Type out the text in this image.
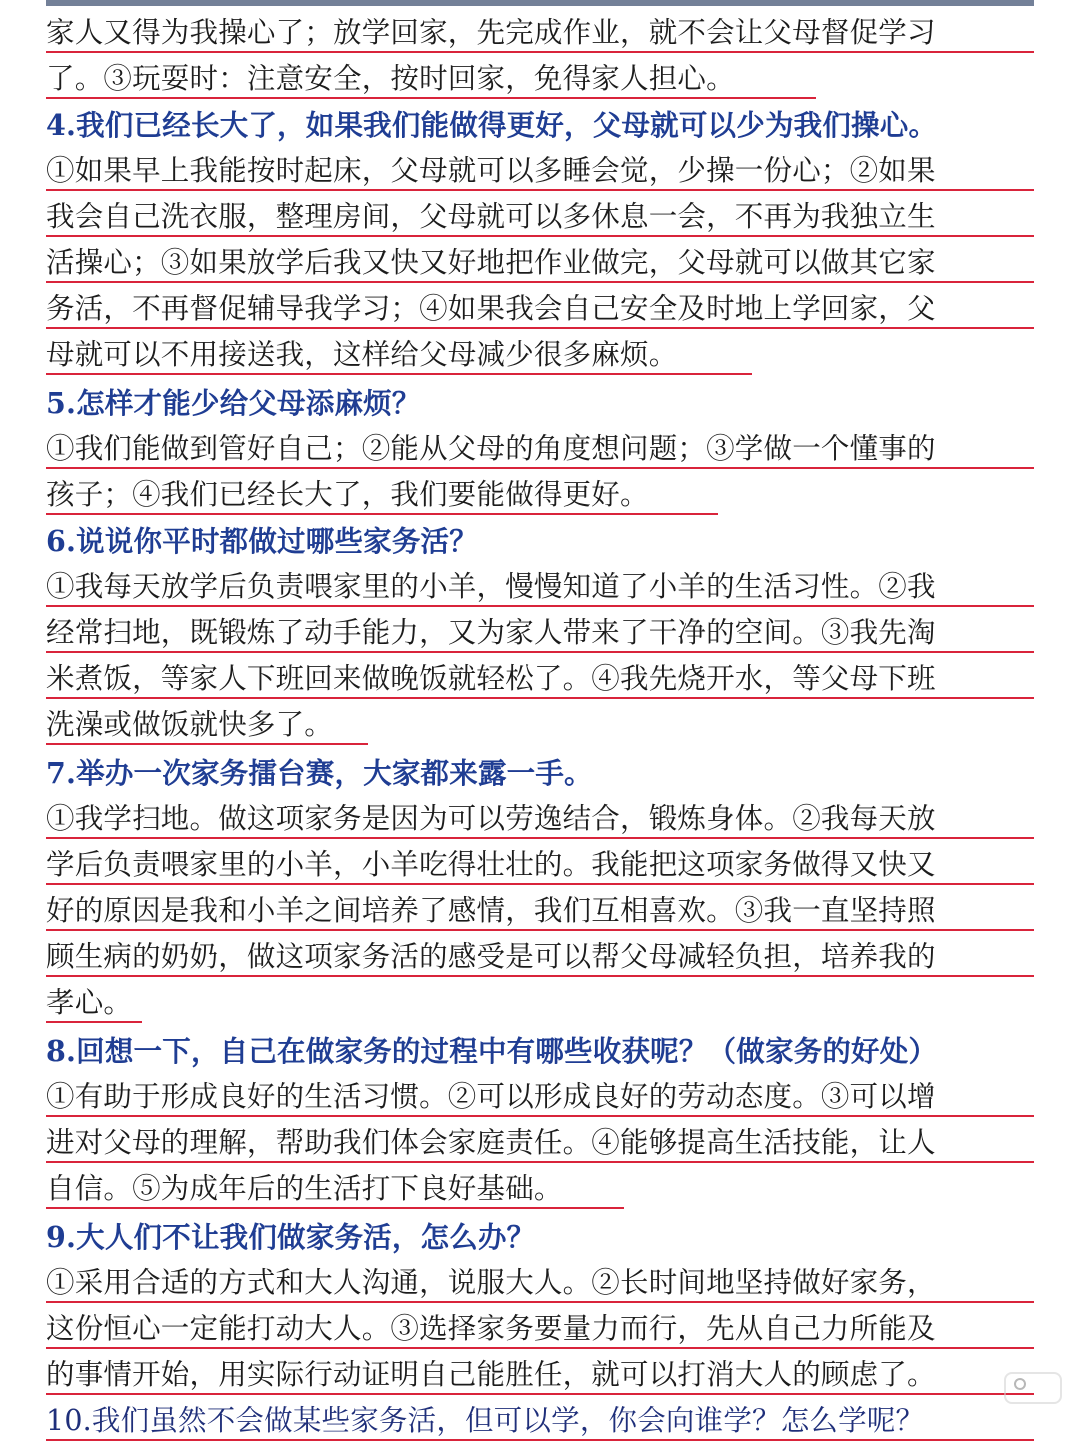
家人又得为我操心了；放学回家，先完成作业，就不会让父母督促学习
了。③玩耍时：注意安全，按时回家，免得家人担心。
4.我们已经长大了，如果我们能做得更好，父母就可以少为我们操心。
①如果早上我能按时起床，父母就可以多睡会觉，少操一份心；②如果
我会自己洗衣服，整理房间，父母就可以多休息一会，不再为我独立生
活操心；③如果放学后我又快又好地把作业做完，父母就可以做其它家
务活，不再督促辅导我学习；④如果我会自己安全及时地上学回家，父
母就可以不用接送我，这样给父母减少很多麻烦。
5.怎样才能少给父母添麻烦？
①我们能做到管好自己；②能从父母的角度想问题；③学做一个懂事的
孩子；④我们已经长大了，我们要能做得更好。
6.说说你平时都做过哪些家务活？
①我每天放学后负责喂家里的小羊，慢慢知道了小羊的生活习性。②我
经常扫地，既锻炼了动手能力，又为家人带来了干净的空间。③我先淘
米煮饭，等家人下班回来做晚饭就轻松了。④我先烧开水，等父母下班
洗澡或做饭就快多了。
7.举办一次家务擂台赛，大家都来露一手。
①我学扫地。做这项家务是因为可以劳逸结合，锻炼身体。②我每天放
学后负责喂家里的小羊，小羊吃得壮壮的。我能把这项家务做得又快又
好的原因是我和小羊之间培养了感情，我们互相喜欢。③我一直坚持照
顾生病的奶奶，做这项家务活的感受是可以帮父母减轻负担，培养我的
孝心。
8.回想一下，自己在做家务的过程中有哪些收获呢？（做家务的好处）
①有助于形成良好的生活习惯。②可以形成良好的劳动态度。③可以增
进对父母的理解，帮助我们体会家庭责任。④能够提高生活技能，让人
自信。⑤为成年后的生活打下良好基础。
9.大人们不让我们做家务活，怎么办？
①采用合适的方式和大人沟通，说服大人。②长时间地坚持做好家务，
这份恒心一定能打动大人。③选择家务要量力而行，先从自己力所能及
的事情开始，用实际行动证明自己能胜任，就可以打消大人的顾虑了。
10.我们虽然不会做某些家务活，但可以学，你会向谁学？怎么学呢？
